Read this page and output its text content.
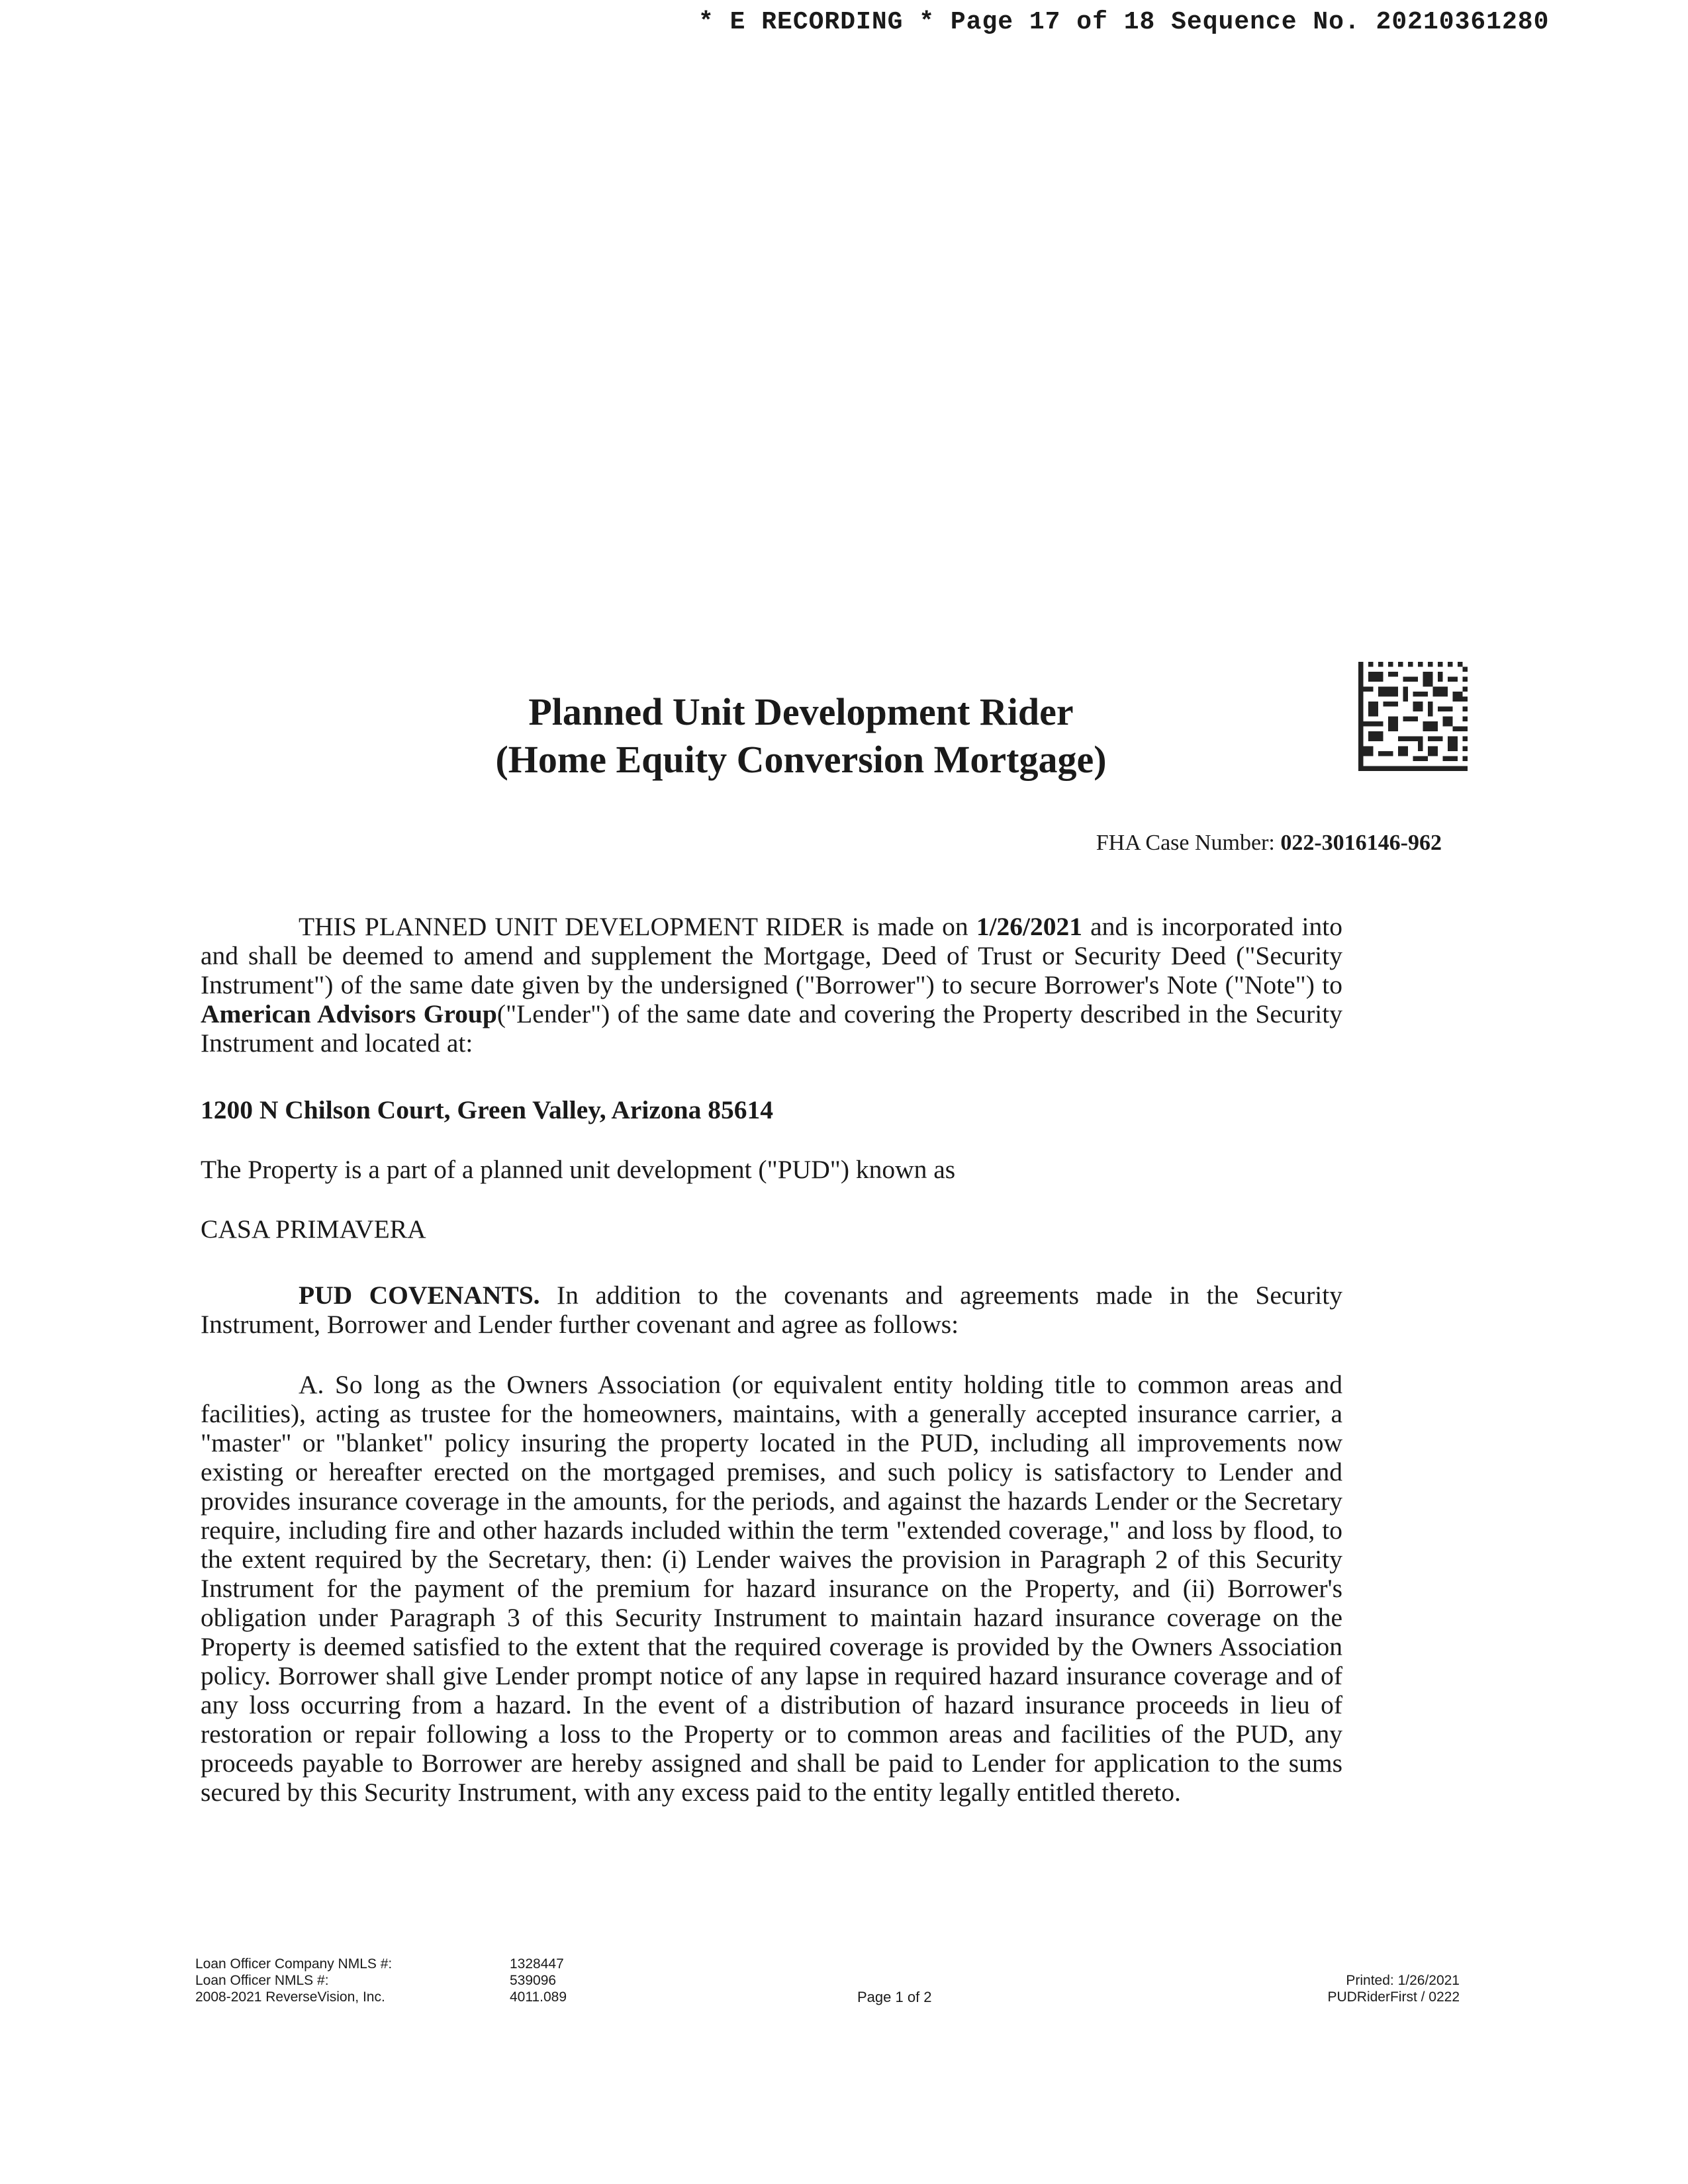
* E RECORDING * Page 17 of 18 Sequence No. 20210361280
Planned Unit Development Rider
(Home Equity Conversion Mortgage)
FHA Case Number: 022-3016146-962
THIS PLANNED UNIT DEVELOPMENT RIDER is made on 1/26/2021 and is incorporated into and shall be deemed to amend and supplement the Mortgage, Deed of Trust or Security Deed ("Security Instrument") of the same date given by the undersigned ("Borrower") to secure Borrower's Note ("Note") to American Advisors Group("Lender") of the same date and covering the Property described in the Security Instrument and located at:
1200 N Chilson Court, Green Valley, Arizona 85614
The Property is a part of a planned unit development ("PUD") known as
CASA PRIMAVERA
PUD COVENANTS. In addition to the covenants and agreements made in the Security Instrument, Borrower and Lender further covenant and agree as follows:
A. So long as the Owners Association (or equivalent entity holding title to common areas and facilities), acting as trustee for the homeowners, maintains, with a generally accepted insurance carrier, a "master" or "blanket" policy insuring the property located in the PUD, including all improvements now existing or hereafter erected on the mortgaged premises, and such policy is satisfactory to Lender and provides insurance coverage in the amounts, for the periods, and against the hazards Lender or the Secretary require, including fire and other hazards included within the term "extended coverage," and loss by flood, to the extent required by the Secretary, then: (i) Lender waives the provision in Paragraph 2 of this Security Instrument for the payment of the premium for hazard insurance on the Property, and (ii) Borrower's obligation under Paragraph 3 of this Security Instrument to maintain hazard insurance coverage on the Property is deemed satisfied to the extent that the required coverage is provided by the Owners Association policy. Borrower shall give Lender prompt notice of any lapse in required hazard insurance coverage and of any loss occurring from a hazard. In the event of a distribution of hazard insurance proceeds in lieu of restoration or repair following a loss to the Property or to common areas and facilities of the PUD, any proceeds payable to Borrower are hereby assigned and shall be paid to Lender for application to the sums secured by this Security Instrument, with any excess paid to the entity legally entitled thereto.
Loan Officer Company NMLS #:
Loan Officer NMLS #:
2008-2021 ReverseVision, Inc.
1328447
539096
4011.089	Page 1 of 2
Printed: 1/26/2021
PUDRiderFirst / 0222
